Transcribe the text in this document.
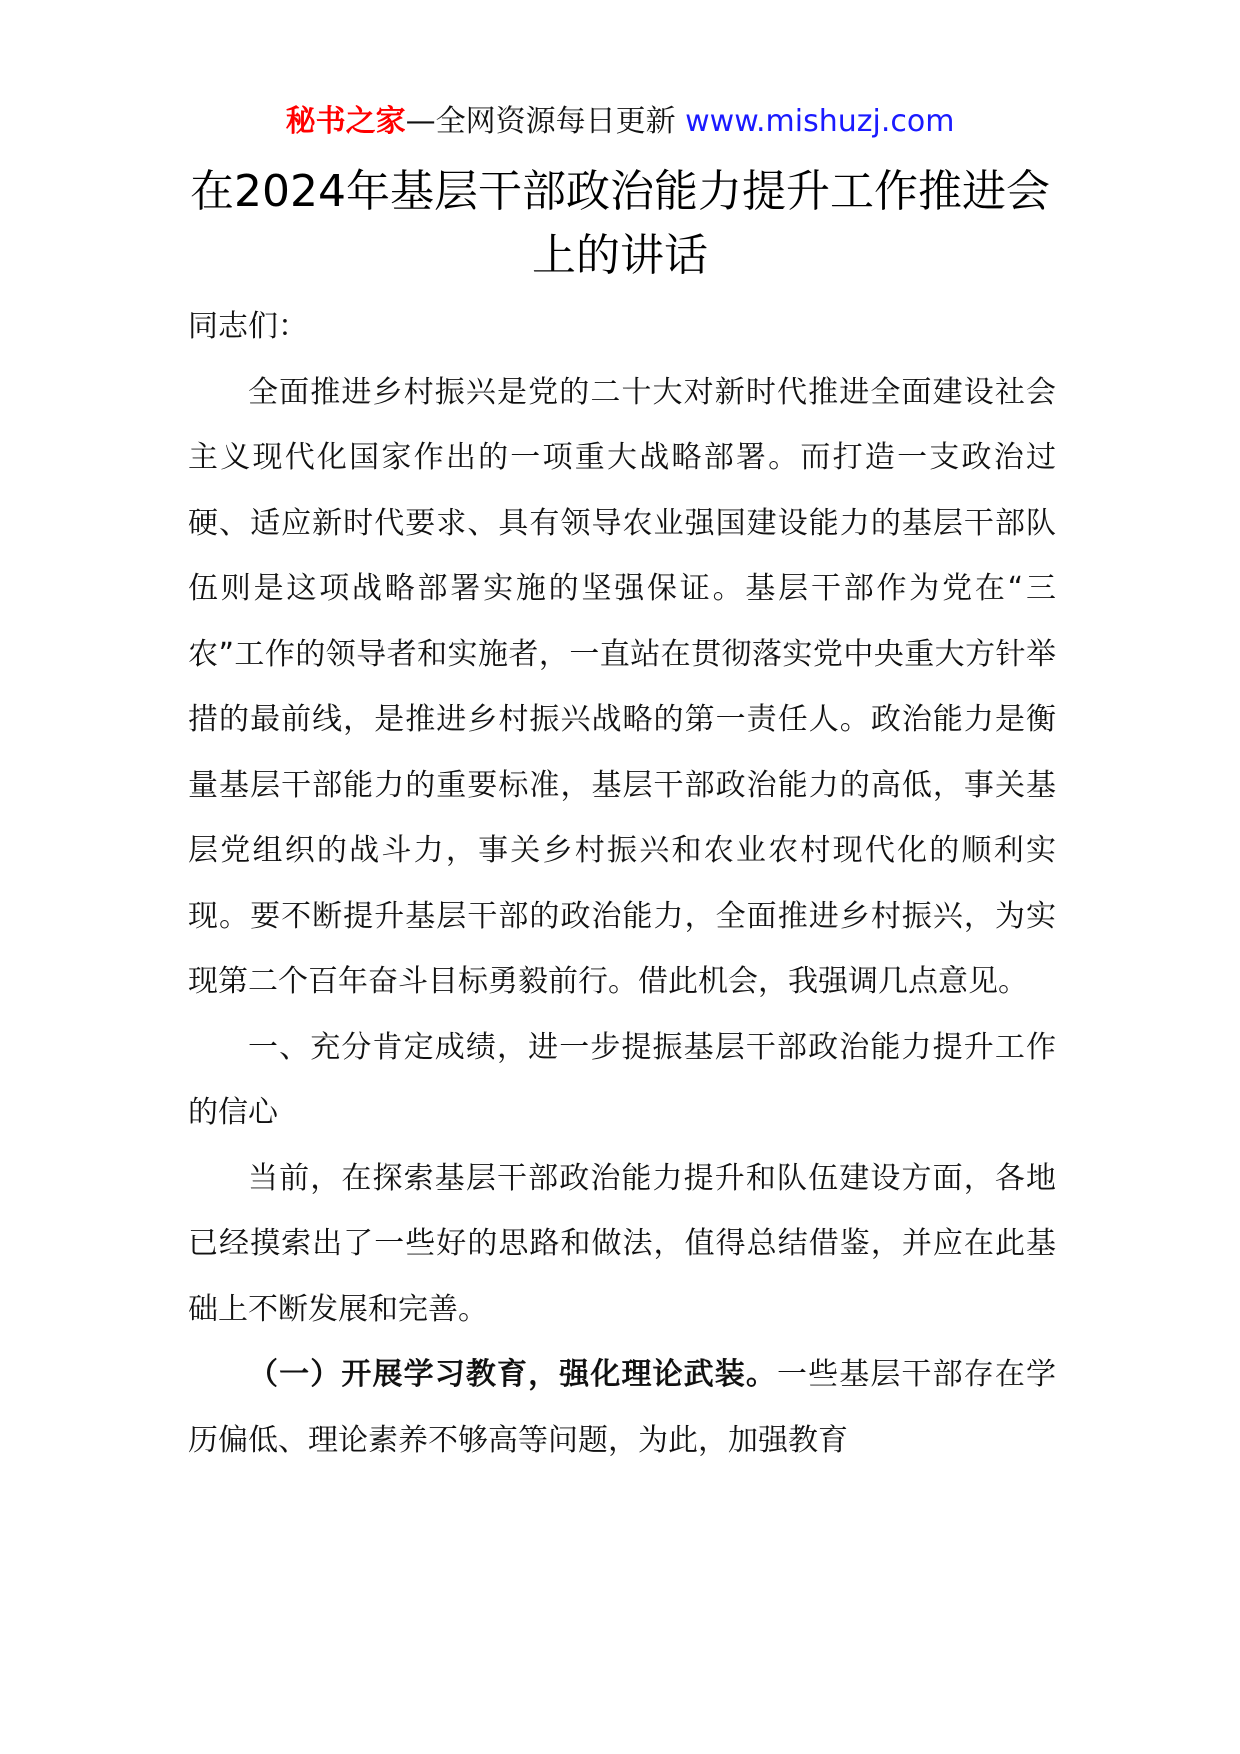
秘书之家—全网资源每日更新 www.mishuzj.com
在2024年基层干部政治能力提升工作推进会上的讲话

同志们：

全面推进乡村振兴是党的二十大对新时代推进全面建设社会主义现代化国家作出的一项重大战略部署。而打造一支政治过硬、适应新时代要求、具有领导农业强国建设能力的基层干部队伍则是这项战略部署实施的坚强保证。基层干部作为党在“三农”工作的领导者和实施者，一直站在贯彻落实党中央重大方针举措的最前线，是推进乡村振兴战略的第一责任人。政治能力是衡量基层干部能力的重要标准，基层干部政治能力的高低，事关基层党组织的战斗力，事关乡村振兴和农业农村现代化的顺利实现。要不断提升基层干部的政治能力，全面推进乡村振兴，为实现第二个百年奋斗目标勇毅前行。借此机会，我强调几点意见。

一、充分肯定成绩，进一步提振基层干部政治能力提升工作的信心

当前，在探索基层干部政治能力提升和队伍建设方面，各地已经摸索出了一些好的思路和做法，值得总结借鉴，并应在此基础上不断发展和完善。

（一）开展学习教育，强化理论武装。一些基层干部存在学历偏低、理论素养不够高等问题，为此，加强教育
